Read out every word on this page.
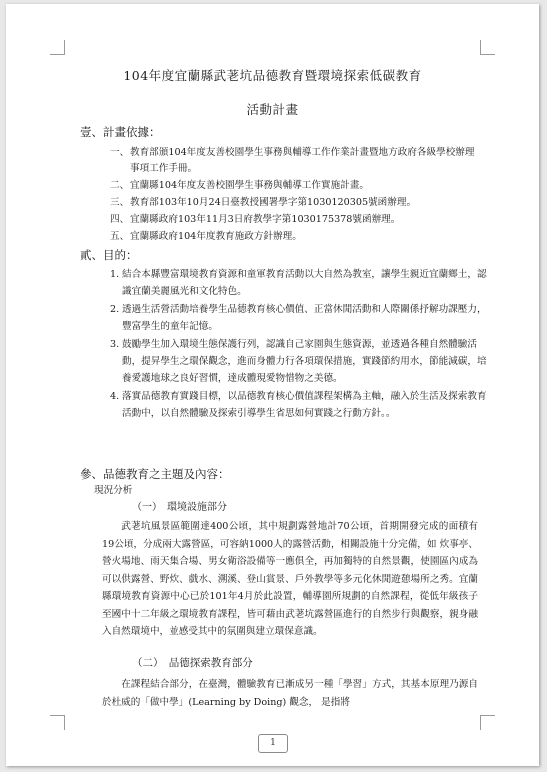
104年度宜蘭縣武荖坑品德教育暨環境探索低碳教育
活動計畫
壹、計畫依據：
一、 教育部頒104年度友善校園學生事務與輔導工作作業計畫暨地方政府各級學校辦理事項工作手冊。
二、 宜蘭縣104年度友善校園學生事務與輔導工作實施計畫。
三、 教育部103年10月24日臺教授國署學字第1030120305號函辦理。
四、 宜蘭縣政府103年11月3日府教學字第1030175378號函辦理。
五、 宜蘭縣政府104年度教育施政方針辦理。
貳、目的：
1. 結合本縣豐富環境教育資源和童軍教育活動以大自然為教室，讓學生親近宜蘭鄉土，認識宜蘭美麗風光和文化特色。
2. 透過生活營活動培養學生品德教育核心價值、正當休閒活動和人際關係抒解功課壓力，豐富學生的童年記憶。
3. 鼓勵學生加入環境生態保護行列，認識自己家園與生態資源，並透過各種自然體驗活動，提昇學生之環保觀念，進而身體力行各項環保措施，實踐節約用水，節能減碳，培養愛護地球之良好習慣，達成體現愛物惜物之美德。
4. 落實品德教育實踐目標，以品德教育核心價值課程架構為主軸，融入於生活及探索教育活動中，以自然體驗及探索引導學生省思如何實踐之行動方針。。
參、品德教育之主題及內容：
現況分析
（一）　環境設施部分
武荖坑風景區範圍達400公頃，其中規劃露營地計70公頃，首期開發完成的面積有19公頃，分成兩大露營區，可容納1000人的露營活動，相關設施十分完備，如 炊事亭、營火場地、雨天集合場、男女衛浴設備等一應俱全，再加獨特的自然景觀，使園區內成為可以供露營、野炊、戲水、溯溪、登山賞景、戶外教學等多元化休閒遊憩場所之秀。宜蘭縣環境教育資源中心已於101年4月於此設置，輔導園所規劃的自然課程，從低年級孩子至國中十二年級之環境教育課程，皆可藉由武荖坑露營區進行的自然步行與觀察，親身融入自然環境中，並感受其中的氛圍與建立環保意識。
（二）　品德探索教育部分
在課程結合部分，在臺灣，體驗教育已漸成另一種「學習」方式，其基本原理乃源自於杜威的「做中學」(Learning by Doing) 觀念， 是指將
1
